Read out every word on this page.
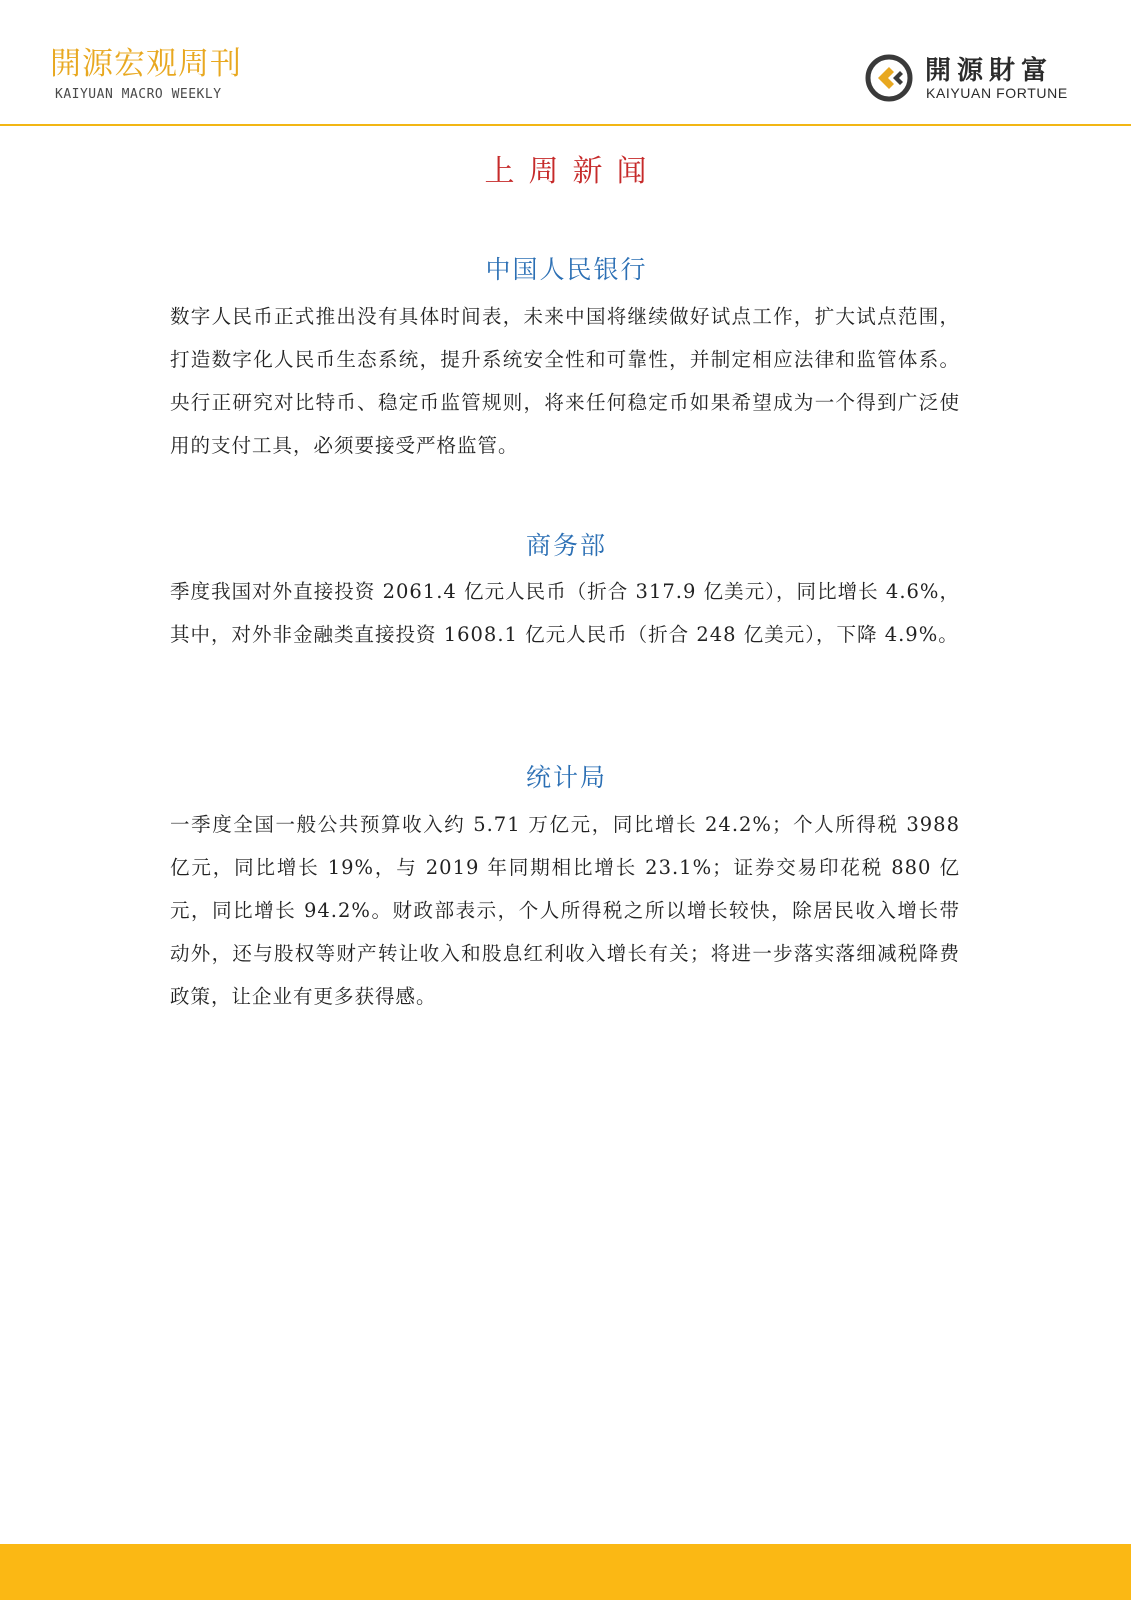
開源宏观周刊
KAIYUAN MACRO WEEKLY
開源財富
KAIYUAN FORTUNE
上周新闻
中国人民银行

数字人民币正式推出没有具体时间表，未来中国将继续做好试点工作，扩大试点范围，打造数字化人民币生态系统，提升系统安全性和可靠性，并制定相应法律和监管体系。央行正研究对比特币、稳定币监管规则，将来任何稳定币如果希望成为一个得到广泛使用的支付工具，必须要接受严格监管。

商务部

季度我国对外直接投资 2061.4 亿元人民币（折合 317.9 亿美元），同比增长 4.6%，其中，对外非金融类直接投资 1608.1 亿元人民币（折合 248 亿美元），下降 4.9%。

统计局

一季度全国一般公共预算收入约 5.71 万亿元，同比增长 24.2%；个人所得税 3988 亿元，同比增长 19%，与 2019 年同期相比增长 23.1%；证券交易印花税 880 亿元，同比增长 94.2%。财政部表示，个人所得税之所以增长较快，除居民收入增长带动外，还与股权等财产转让收入和股息红利收入增长有关；将进一步落实落细减税降费政策，让企业有更多获得感。
